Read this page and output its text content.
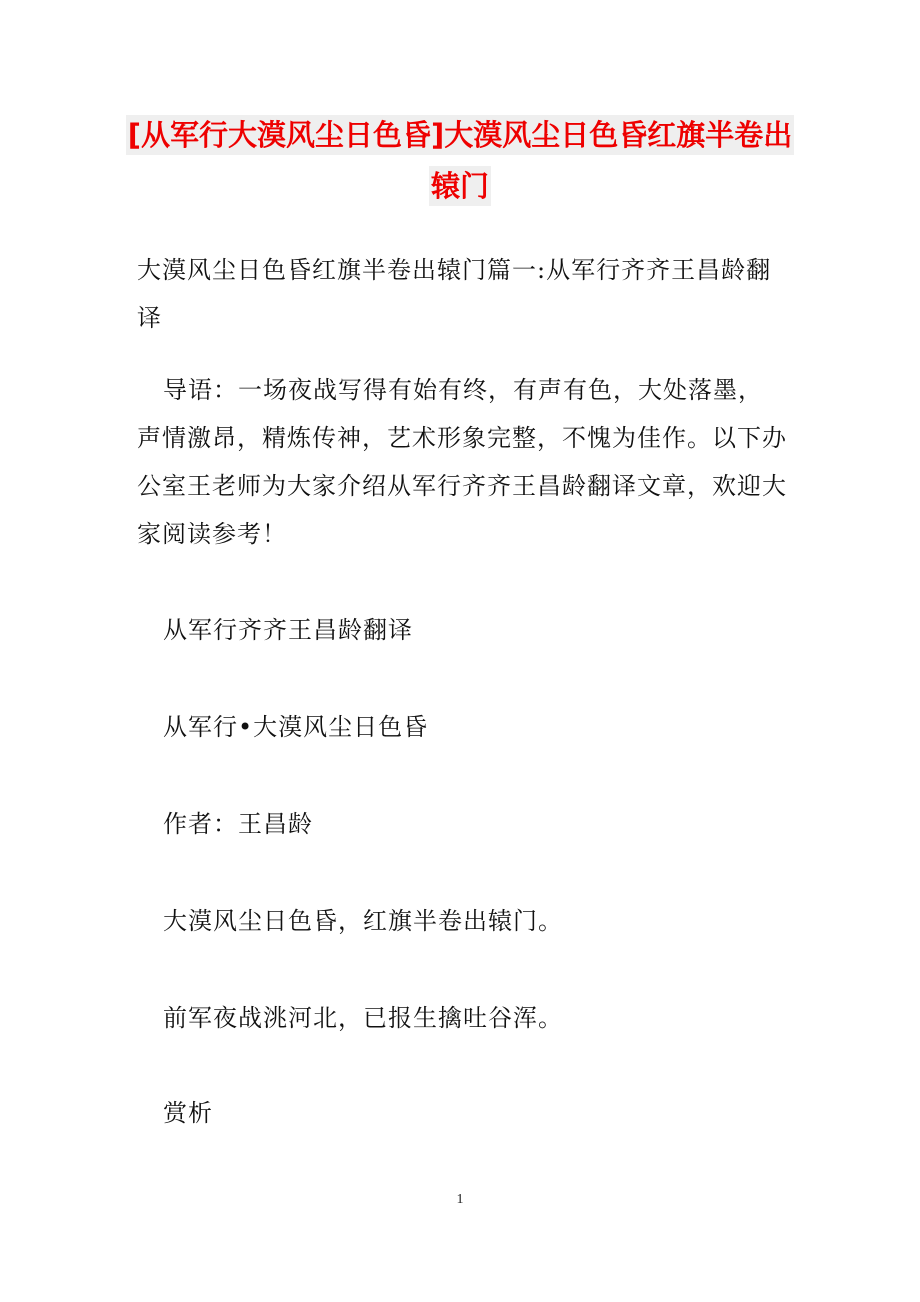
[从军行大漠风尘日色昏]大漠风尘日色昏红旗半卷出辕门

大漠风尘日色昏红旗半卷出辕门篇一:从军行齐齐王昌龄翻译

导语：一场夜战写得有始有终，有声有色，大处落墨，声情激昂，精炼传神，艺术形象完整，不愧为佳作。以下办公室王老师为大家介绍从军行齐齐王昌龄翻译文章，欢迎大家阅读参考！

从军行齐齐王昌龄翻译

从军行•大漠风尘日色昏

作者：王昌龄

大漠风尘日色昏，红旗半卷出辕门。

前军夜战洮河北，已报生擒吐谷浑。

赏析

1
